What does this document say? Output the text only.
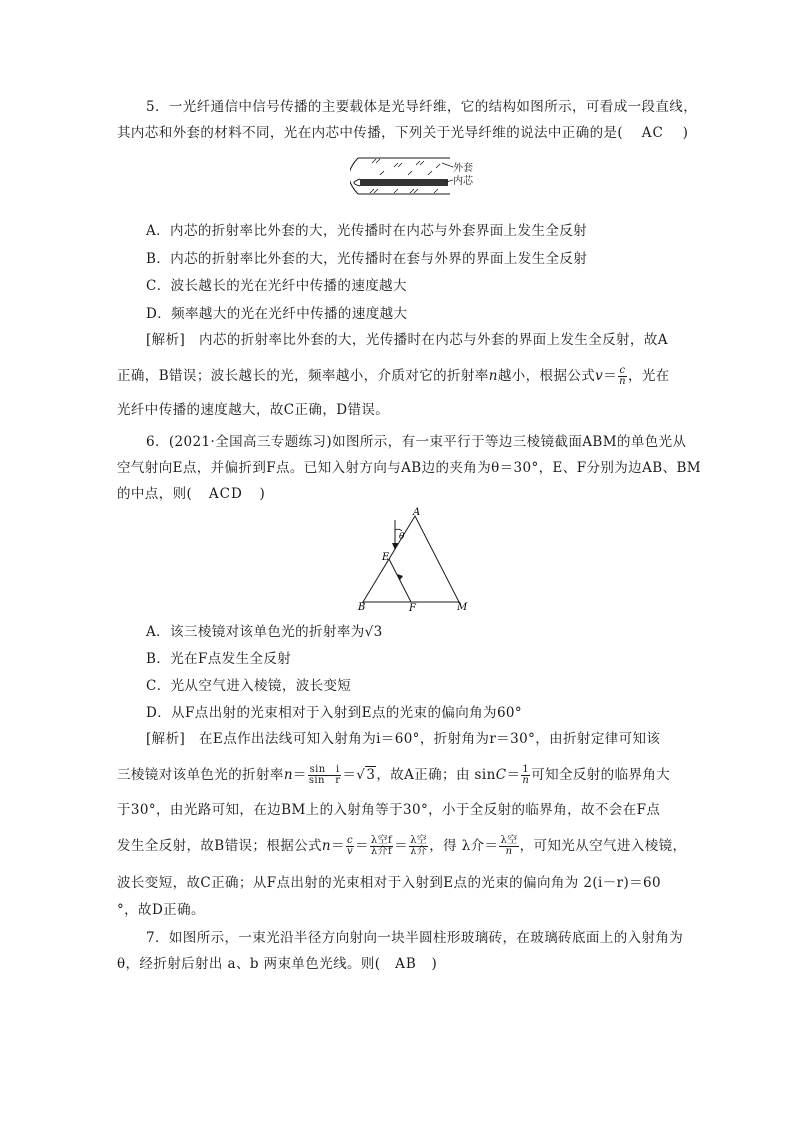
5．一光纤通信中信号传播的主要载体是光导纤维，它的结构如图所示，可看成一段直线，
其内芯和外套的材料不同，光在内芯中传播，下列关于光导纤维的说法中正确的是( AC )
外套
内芯
A．内芯的折射率比外套的大，光传播时在内芯与外套界面上发生全反射
B．内芯的折射率比外套的大，光传播时在套与外界的界面上发生全反射
C．波长越长的光在光纤中传播的速度越大
D．频率越大的光在光纤中传播的速度越大
[解析]　内芯的折射率比外套的大，光传播时在内芯与外套的界面上发生全反射，故A
正确，B错误；波长越长的光，频率越小，介质对它的折射率n越小，根据公式$v= \frac{c}{n}$ ，光在
光纤中传播的速度越大，故C正确，D错误。
6．(2021·全国高三专题练习)如图所示，有一束平行于等边三棱镜截面ABM的单色光从
空气射向E点，并偏折到F点。已知入射方向与AB边的夹角为θ＝30°，E、F分别为边AB、BM
的中点，则( ACD )
A
B	M
E
F
θ
A．该三棱镜对该单色光的折射率为√3
B．光在F点发生全反射
C．光从空气进入棱镜，波长变短
D．从F点出射的光束相对于入射到E点的光束的偏向角为60°
[解析]　在E点作出法线可知入射角为i＝60°，折射角为r＝30°，由折射定律可知该
三棱镜对该单色光的折射率$n= \frac{\text{sin　i}}{\text{sin　r}} =√3$，故A正确；由 $\sin C= \frac{1}{n}$ 可知全反射的临界角大
于30°，由光路可知，在边BM上的入射角等于30°，小于全反射的临界角，故不会在F点
发生全反射，故B错误；根据公式$n= \frac{c}{v} = \frac{\text{λ空f}}{\text{λ介f}} = \frac{\text{λ空}}{\text{λ介}}$ ，得 λ介＝ $\frac{\text{λ空}}{n}$ ，可知光从空气进入棱镜，
波长变短，故C正确；从F点出射的光束相对于入射到E点的光束的偏向角为 2(i－r)＝60
°，故D正确。
7．如图所示，一束光沿半径方向射向一块半圆柱形玻璃砖，在玻璃砖底面上的入射角为
θ，经折射后射出 a、b 两束单色光线。则( AB )
